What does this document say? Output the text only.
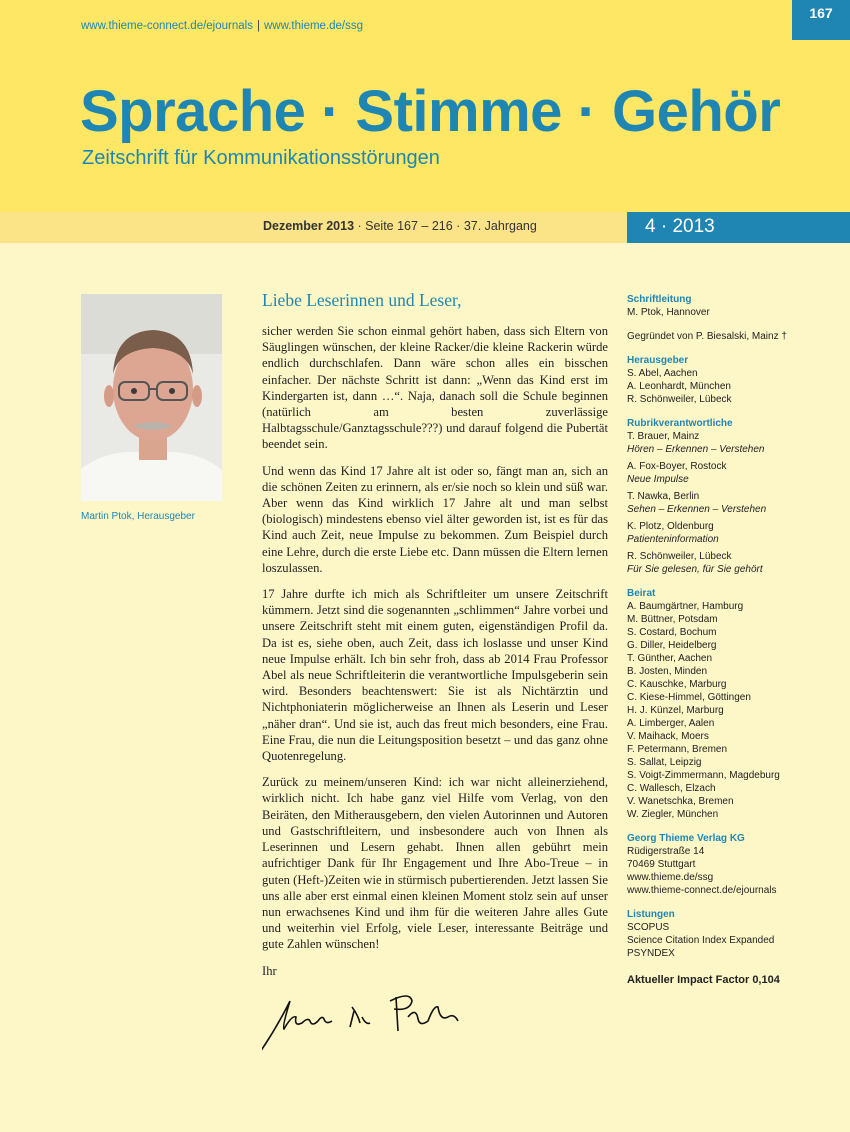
www.thieme-connect.de/ejournals | www.thieme.de/ssg
Sprache · Stimme · Gehör
Zeitschrift für Kommunikationsstörungen
167
Dezember 2013 · Seite 167 – 216 · 37. Jahrgang	4 · 2013
Martin Ptok, Herausgeber
Liebe Leserinnen und Leser,

sicher werden Sie schon einmal gehört haben, dass sich Eltern von Säuglingen wünschen, der kleine Racker/die kleine Rackerin würde endlich durchschlafen. Dann wäre schon alles ein bisschen einfacher. Der nächste Schritt ist dann: „Wenn das Kind erst im Kindergarten ist, dann …“. Naja, danach soll die Schule beginnen (natürlich am besten zuverlässige Halbtagsschule/Ganztagsschule???) und darauf folgend die Pubertät beendet sein.

Und wenn das Kind 17 Jahre alt ist oder so, fängt man an, sich an die schönen Zeiten zu erinnern, als er/sie noch so klein und süß war. Aber wenn das Kind wirklich 17 Jahre alt und man selbst (biologisch) mindestens ebenso viel älter geworden ist, ist es für das Kind auch Zeit, neue Impulse zu bekommen. Zum Beispiel durch eine Lehre, durch die erste Liebe etc. Dann müssen die Eltern lernen loszulassen.

17 Jahre durfte ich mich als Schriftleiter um unsere Zeitschrift kümmern. Jetzt sind die sogenannten „schlimmen“ Jahre vorbei und unsere Zeitschrift steht mit einem guten, eigenständigen Profil da. Da ist es, siehe oben, auch Zeit, dass ich loslasse und unser Kind neue Impulse erhält. Ich bin sehr froh, dass ab 2014 Frau Professor Abel als neue Schriftleiterin die verantwortliche Impulsgeberin sein wird. Besonders beachtenswert: Sie ist als Nichtärztin und Nichtphoniaterin möglicherweise an Ihnen als Leserin und Leser „näher dran“. Und sie ist, auch das freut mich besonders, eine Frau. Eine Frau, die nun die Leitungsposition besetzt – und das ganz ohne Quotenregelung.

Zurück zu meinem/unseren Kind: ich war nicht alleinerziehend, wirklich nicht. Ich habe ganz viel Hilfe vom Verlag, von den Beiräten, den Mitherausgebern, den vielen Autorinnen und Autoren und Gastschriftleitern, und insbesondere auch von Ihnen als Leserinnen und Lesern gehabt. Ihnen allen gebührt mein aufrichtiger Dank für Ihr Engagement und Ihre Abo-Treue – in guten (Heft-)Zeiten wie in stürmisch pubertierenden. Jetzt lassen Sie uns alle aber erst einmal einen kleinen Moment stolz sein auf unser nun erwachsenes Kind und ihm für die weiteren Jahre alles Gute und weiterhin viel Erfolg, viele Leser, interessante Beiträge und gute Zahlen wünschen!

Ihr

Schriftleitung
M. Ptok, Hannover
Gegründet von P. Biesalski, Mainz †
Herausgeber
S. Abel, Aachen
A. Leonhardt, München
R. Schönweiler, Lübeck
Rubrikverantwortliche
T. Brauer, Mainz
Hören – Erkennen – Verstehen
A. Fox-Boyer, Rostock
Neue Impulse
T. Nawka, Berlin
Sehen – Erkennen – Verstehen
K. Plotz, Oldenburg
Patienteninformation
R. Schönweiler, Lübeck
Für Sie gelesen, für Sie gehört
Beirat
A. Baumgärtner, Hamburg
M. Büttner, Potsdam
S. Costard, Bochum
G. Diller, Heidelberg
T. Günther, Aachen
B. Josten, Minden
C. Kauschke, Marburg
C. Kiese-Himmel, Göttingen
H. J. Künzel, Marburg
A. Limberger, Aalen
V. Maihack, Moers
F. Petermann, Bremen
S. Sallat, Leipzig
S. Voigt-Zimmermann, Magdeburg
C. Wallesch, Elzach
V. Wanetschka, Bremen
W. Ziegler, München
Georg Thieme Verlag KG
Rüdigerstraße 14
70469 Stuttgart
www.thieme.de/ssg
www.thieme-connect.de/ejournals
Listungen
SCOPUS
Science Citation Index Expanded
PSYNDEX
Aktueller Impact Factor 0,104
